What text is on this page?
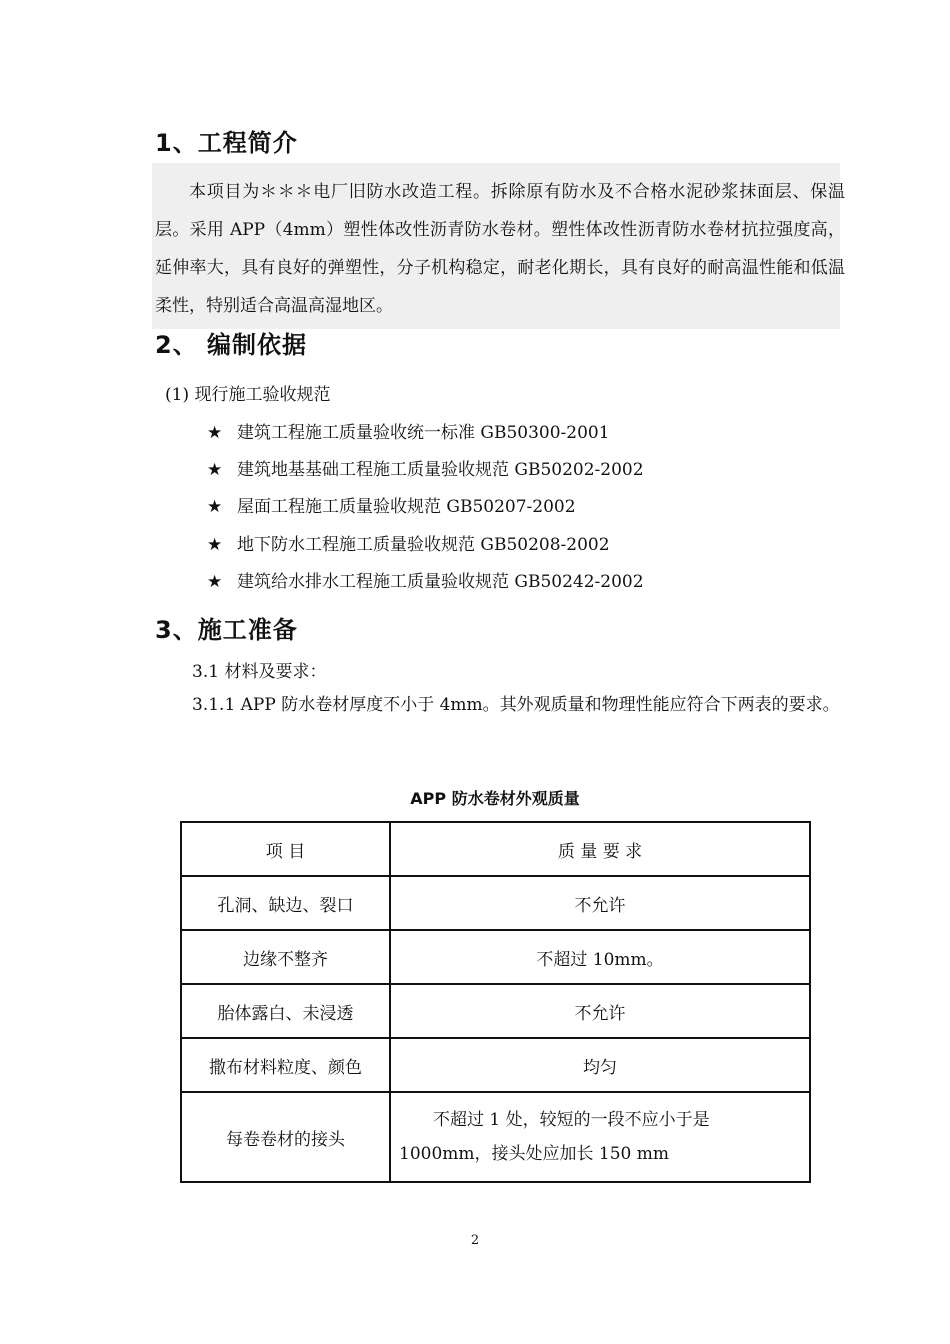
1、工程简介
本项目为＊＊＊电厂旧防水改造工程。拆除原有防水及不合格水泥砂浆抹面层、保温层。采用 APP（4mm）塑性体改性沥青防水卷材。塑性体改性沥青防水卷材抗拉强度高，延伸率大，具有良好的弹塑性，分子机构稳定，耐老化期长，具有良好的耐高温性能和低温柔性，特别适合高温高湿地区。
2、 编制依据
(1) 现行施工验收规范
★ 建筑工程施工质量验收统一标准 GB50300-2001
★ 建筑地基基础工程施工质量验收规范 GB50202-2002
★ 屋面工程施工质量验收规范 GB50207-2002
★ 地下防水工程施工质量验收规范 GB50208-2002
★ 建筑给水排水工程施工质量验收规范 GB50242-2002
3、施工准备
3.1 材料及要求：
3.1.1 APP 防水卷材厚度不小于 4mm。其外观质量和物理性能应符合下两表的要求。
APP 防水卷材外观质量
项 目	质 量 要 求
孔洞、缺边、裂口	不允许
边缘不整齐	不超过 10mm。
胎体露白、未浸透	不允许
撒布材料粒度、颜色	均匀
每卷卷材的接头	不超过 1 处，较短的一段不应小于是 1000mm，接头处应加长 150 mm
2
